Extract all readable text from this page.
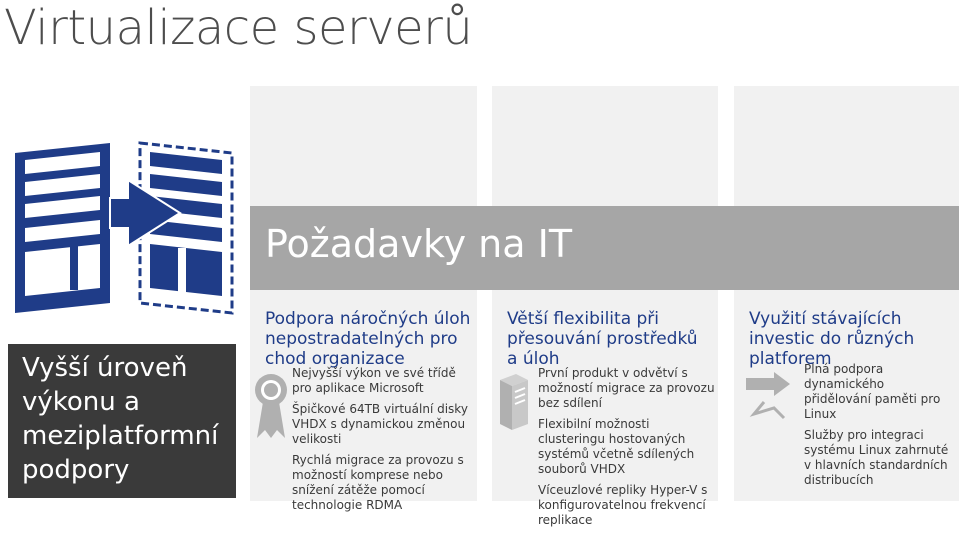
Virtualizace serverů
Požadavky na IT
Vyšší úroveň výkonu a meziplatformní podpory
Podpora náročných úloh nepostradatelných pro chod organizace

Nejvyšší výkon ve své třídě pro aplikace Microsoft

Špičkové 64TB virtuální disky VHDX s dynamickou změnou velikosti

Rychlá migrace za provozu s možností komprese nebo snížení zátěže pomocí technologie RDMA

Větší flexibilita při přesouvání prostředků a úloh

První produkt v odvětví s možností migrace za provozu bez sdílení

Flexibilní možnosti clusteringu hostovaných systémů včetně sdílených souborů VHDX

Víceuzlové repliky Hyper-V s konfigurovatelnou frekvencí replikace

Využití stávajících investic do různých platforem

Plná podpora dynamického přidělování paměti pro Linux

Služby pro integraci systému Linux zahrnuté v hlavních standardních distribucích
